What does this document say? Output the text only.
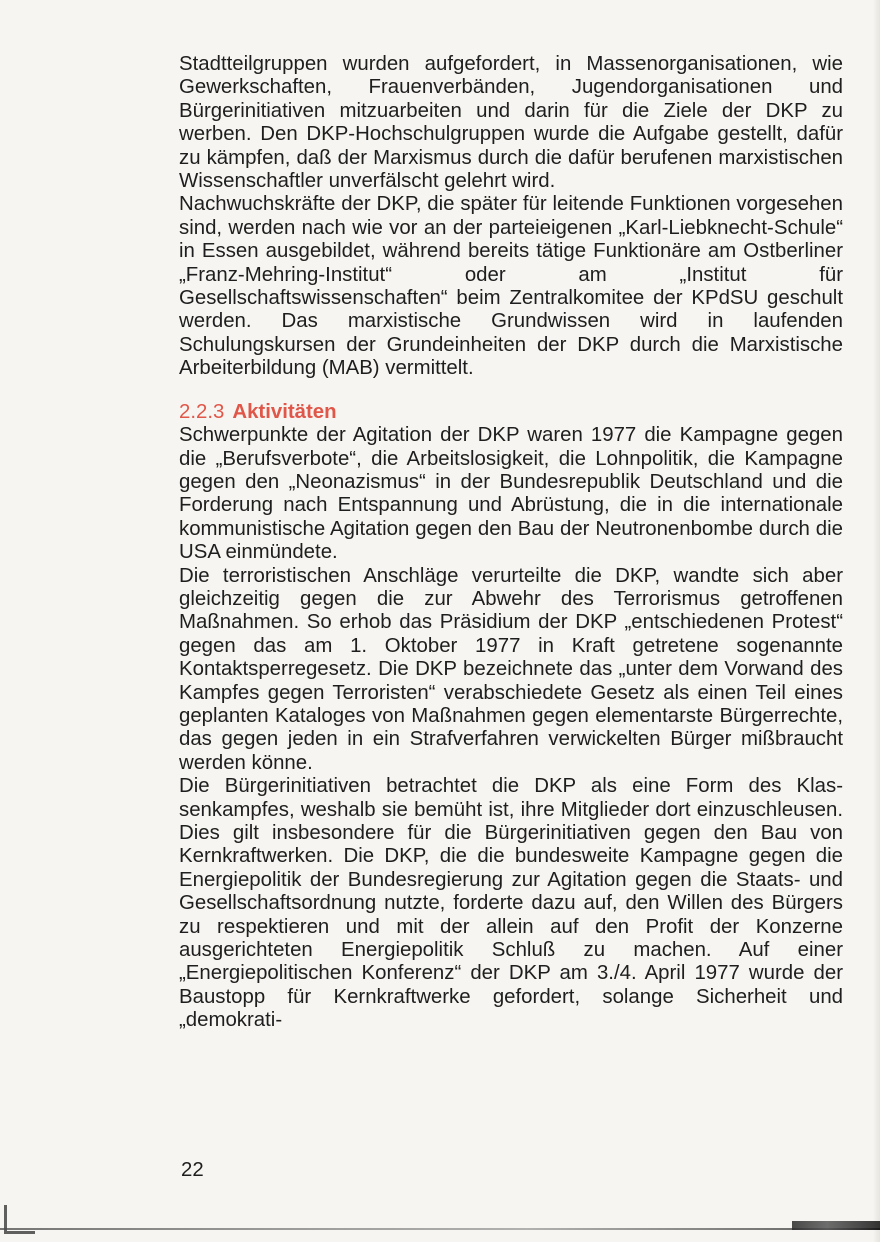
Stadtteilgruppen wurden aufgefordert, in Massenorganisationen, wie Gewerkschaften, Frauenverbänden, Jugendorganisationen und Bürgerinitiativen mitzuarbeiten und darin für die Ziele der DKP zu werben. Den DKP-Hochschulgruppen wurde die Aufgabe gestellt, dafür zu kämpfen, daß der Marxismus durch die dafür berufenen marxistischen Wissenschaftler unverfälscht gelehrt wird.

Nachwuchskräfte der DKP, die später für leitende Funktionen vorgesehen sind, werden nach wie vor an der parteieigenen „Karl-Liebknecht-Schule“ in Essen ausgebildet, während bereits tätige Funktionäre am Ostberliner „Franz-Mehring-Institut“ oder am „Institut für Gesellschaftswissenschaften“ beim Zentralkomitee der KPdSU geschult werden. Das marxistische Grundwissen wird in laufenden Schulungskursen der Grundeinheiten der DKP durch die Marxistische Arbeiterbildung (MAB) vermittelt.

2.2.3 Aktivitäten

Schwerpunkte der Agitation der DKP waren 1977 die Kampagne gegen die „Berufsverbote“, die Arbeitslosigkeit, die Lohnpolitik, die Kampagne gegen den „Neonazismus“ in der Bundesrepublik Deutschland und die Forderung nach Entspannung und Abrüstung, die in die internationale kommunistische Agitation gegen den Bau der Neutronenbombe durch die USA einmündete.

Die terroristischen Anschläge verurteilte die DKP, wandte sich aber gleichzeitig gegen die zur Abwehr des Terrorismus getroffenen Maßnahmen. So erhob das Präsidium der DKP „entschiedenen Protest“ gegen das am 1. Oktober 1977 in Kraft getretene sogenannte Kontaktsperregesetz. Die DKP bezeichnete das „unter dem Vorwand des Kampfes gegen Terroristen“ verabschiedete Gesetz als einen Teil eines geplanten Kataloges von Maßnahmen gegen elementarste Bürgerrechte, das gegen jeden in ein Strafverfahren verwickelten Bürger mißbraucht werden könne.

Die Bürgerinitiativen betrachtet die DKP als eine Form des Klassenkampfes, weshalb sie bemüht ist, ihre Mitglieder dort einzuschleusen. Dies gilt insbesondere für die Bürgerinitiativen gegen den Bau von Kernkraftwerken. Die DKP, die die bundesweite Kampagne gegen die Energiepolitik der Bundesregierung zur Agitation gegen die Staats- und Gesellschaftsordnung nutzte, forderte dazu auf, den Willen des Bürgers zu respektieren und mit der allein auf den Profit der Konzerne ausgerichteten Energiepolitik Schluß zu machen. Auf einer „Energiepolitischen Konferenz“ der DKP am 3./4. April 1977 wurde der Baustopp für Kernkraftwerke gefordert, solange Sicherheit und „demokrati-

22
